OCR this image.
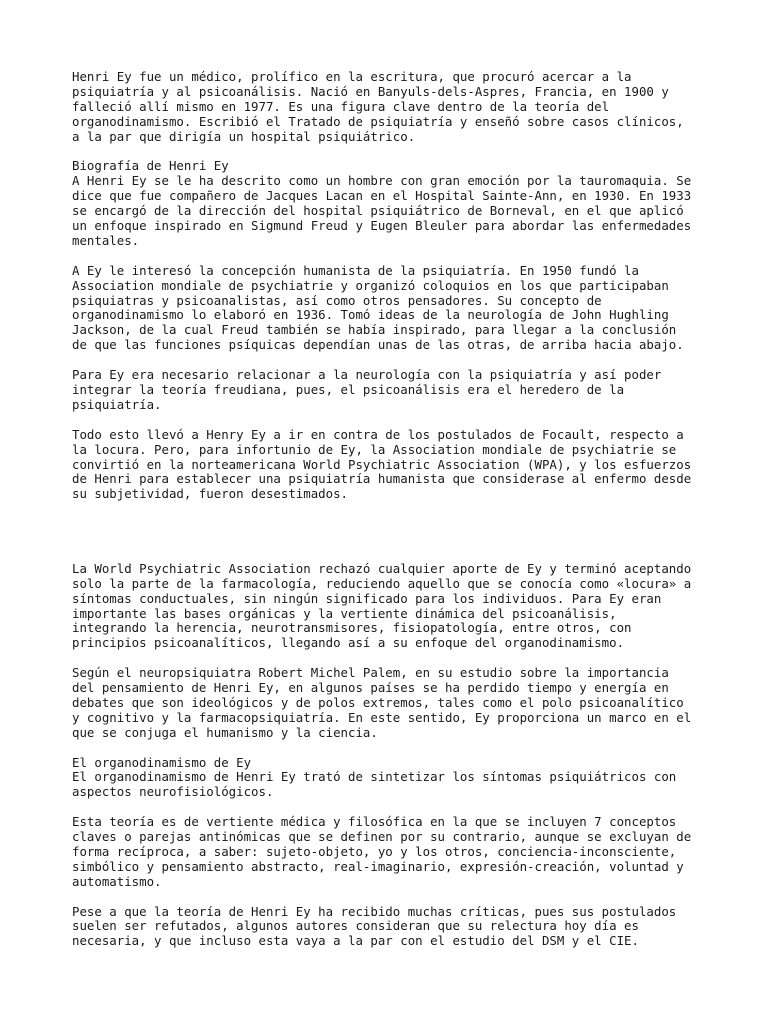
Henri Ey fue un médico, prolífico en la escritura, que procuró acercar a la
psiquiatría y al psicoanálisis. Nació en Banyuls-dels-Aspres, Francia, en 1900 y
falleció allí mismo en 1977. Es una figura clave dentro de la teoría del
organodinamismo. Escribió el Tratado de psiquiatría y enseñó sobre casos clínicos,
a la par que dirigía un hospital psiquiátrico.

Biografía de Henri Ey

A Henri Ey se le ha descrito como un hombre con gran emoción por la tauromaquia. Se
dice que fue compañero de Jacques Lacan en el Hospital Sainte-Ann, en 1930. En 1933
se encargó de la dirección del hospital psiquiátrico de Borneval, en el que aplicó
un enfoque inspirado en Sigmund Freud y Eugen Bleuler para abordar las enfermedades
mentales.

A Ey le interesó la concepción humanista de la psiquiatría. En 1950 fundó la
Association mondiale de psychiatrie y organizó coloquios en los que participaban
psiquiatras y psicoanalistas, así como otros pensadores. Su concepto de
organodinamismo lo elaboró en 1936. Tomó ideas de la neurología de John Hughling
Jackson, de la cual Freud también se había inspirado, para llegar a la conclusión
de que las funciones psíquicas dependían unas de las otras, de arriba hacia abajo.

Para Ey era necesario relacionar a la neurología con la psiquiatría y así poder
integrar la teoría freudiana, pues, el psicoanálisis era el heredero de la
psiquiatría.

Todo esto llevó a Henry Ey a ir en contra de los postulados de Focault, respecto a
la locura. Pero, para infortunio de Ey, la Association mondiale de psychiatrie se
convirtió en la norteamericana World Psychiatric Association (WPA), y los esfuerzos
de Henri para establecer una psiquiatría humanista que considerase al enfermo desde
su subjetividad, fueron desestimados.

La World Psychiatric Association rechazó cualquier aporte de Ey y terminó aceptando
solo la parte de la farmacología, reduciendo aquello que se conocía como «locura» a
síntomas conductuales, sin ningún significado para los individuos. Para Ey eran
importante las bases orgánicas y la vertiente dinámica del psicoanálisis,
integrando la herencia, neurotransmisores, fisiopatología, entre otros, con
principios psicoanalíticos, llegando así a su enfoque del organodinamismo.

Según el neuropsiquiatra Robert Michel Palem, en su estudio sobre la importancia
del pensamiento de Henri Ey, en algunos países se ha perdido tiempo y energía en
debates que son ideológicos y de polos extremos, tales como el polo psicoanalítico
y cognitivo y la farmacopsiquiatría. En este sentido, Ey proporciona un marco en el
que se conjuga el humanismo y la ciencia.

El organodinamismo de Ey

El organodinamismo de Henri Ey trató de sintetizar los síntomas psiquiátricos con
aspectos neurofisiológicos.

Esta teoría es de vertiente médica y filosófica en la que se incluyen 7 conceptos
claves o parejas antinómicas que se definen por su contrario, aunque se excluyan de
forma recíproca, a saber: sujeto-objeto, yo y los otros, conciencia-inconsciente,
simbólico y pensamiento abstracto, real-imaginario, expresión-creación, voluntad y
automatismo.

Pese a que la teoría de Henri Ey ha recibido muchas críticas, pues sus postulados
suelen ser refutados, algunos autores consideran que su relectura hoy día es
necesaria, y que incluso esta vaya a la par con el estudio del DSM y el CIE.
